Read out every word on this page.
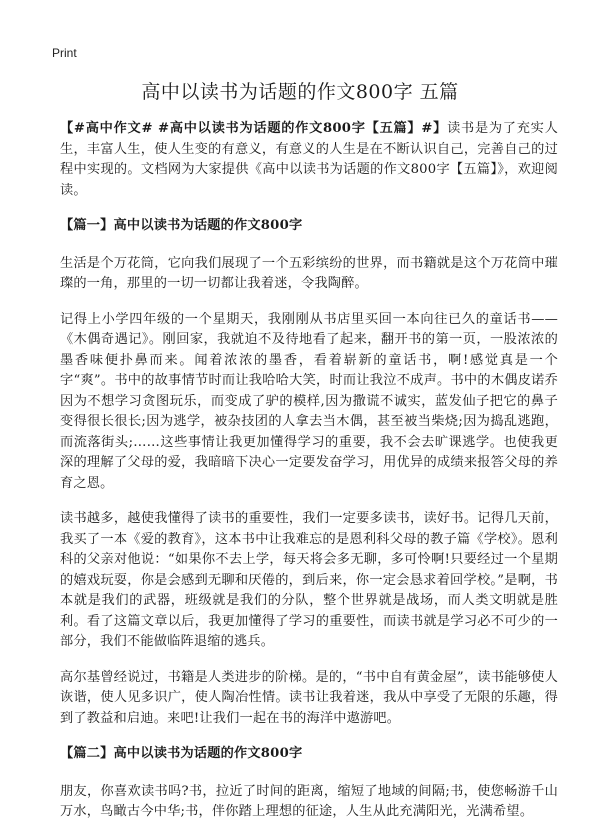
Print
高中以读书为话题的作文800字 五篇

【#高中作文# #高中以读书为话题的作文800字【五篇】#】读书是为了充实人生，丰富人生，使人生变的有意义，有意义的人生是在不断认识自己，完善自己的过程中实现的。文档网为大家提供《高中以读书为话题的作文800字【五篇】》，欢迎阅读。

【篇一】高中以读书为话题的作文800字

生活是个万花筒，它向我们展现了一个五彩缤纷的世界，而书籍就是这个万花筒中璀璨的一角，那里的一切一切都让我着迷，令我陶醉。

记得上小学四年级的一个星期天，我刚刚从书店里买回一本向往已久的童话书——《木偶奇遇记》。刚回家，我就迫不及待地看了起来，翻开书的第一页，一股浓浓的墨香味便扑鼻而来。闻着浓浓的墨香，看着崭新的童话书，啊!感觉真是一个字“爽”。书中的故事情节时而让我哈哈大笑，时而让我泣不成声。书中的木偶皮诺乔因为不想学习贪图玩乐，而变成了驴的模样,因为撒谎不诚实，蓝发仙子把它的鼻子变得很长很长;因为逃学，被杂技团的人拿去当木偶，甚至被当柴烧;因为捣乱逃跑，而流落街头;……这些事情让我更加懂得学习的重要，我不会去旷课逃学。也使我更深的理解了父母的爱，我暗暗下决心一定要发奋学习，用优异的成绩来报答父母的养育之恩。

读书越多，越使我懂得了读书的重要性，我们一定要多读书，读好书。记得几天前，我买了一本《爱的教育》，这本书中让我难忘的是恩利科父母的教子篇《学校》。恩利科的父亲对他说：“如果你不去上学，每天将会多无聊，多可怜啊!只要经过一个星期的嬉戏玩耍，你是会感到无聊和厌倦的，到后来，你一定会恳求着回学校。”是啊，书本就是我们的武器，班级就是我们的分队，整个世界就是战场，而人类文明就是胜利。看了这篇文章以后，我更加懂得了学习的重要性，而读书就是学习必不可少的一部分，我们不能做临阵退缩的逃兵。

高尔基曾经说过，书籍是人类进步的阶梯。是的，“书中自有黄金屋”，读书能够使人诙谐，使人见多识广，使人陶冶性情。读书让我着迷，我从中享受了无限的乐趣，得到了教益和启迪。来吧!让我们一起在书的海洋中遨游吧。

【篇二】高中以读书为话题的作文800字

朋友，你喜欢读书吗?书，拉近了时间的距离，缩短了地域的间隔;书，使您畅游千山万水，鸟瞰古今中华;书，伴你踏上理想的征途，人生从此充满阳光，光满希望。
